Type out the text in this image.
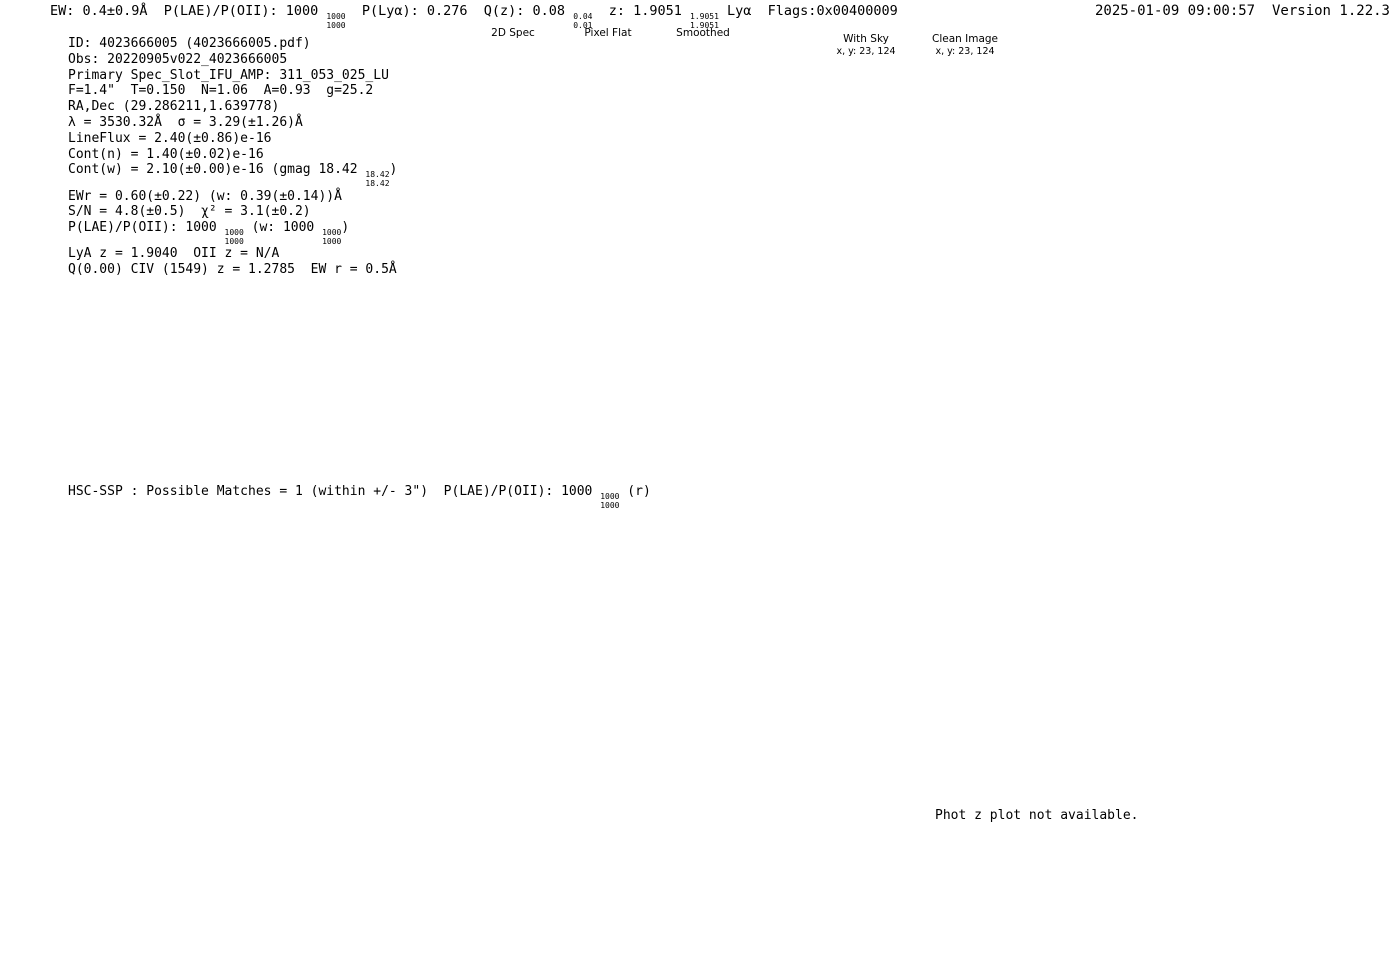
EW: 0.4±0.9Å  P(LAE)/P(OII): 1000 1000
1000
P(Lyα): 0.276  Q(z): 0.08 0.04
0.01
z: 1.9051 1.9051
1.9051
Lyα  Flags:0x00400009	2025-01-09 09:00:57 Version 1.22.3
ID: 4023666005 (4023666005.pdf)
Obs: 20220905v022_4023666005
Primary Spec_Slot_IFU_AMP: 311_053_025_LU
F=1.4"  T=0.150  N=1.06  A=0.93  g=25.2
RA,Dec (29.286211,1.639778)
λ = 3530.32Å  σ = 3.29(±1.26)Å
LineFlux = 2.40(±0.86)e-16
Cont(n) = 1.40(±0.02)e-16
Cont(w) = 2.10(±0.00)e-16 (gmag 18.42 18.42
18.42
)
EWr = 0.60(±0.22) (w: 0.39(±0.14))Å
S/N = 4.8(±0.5)  χ² = 3.1(±0.2)
P(LAE)/P(OII): 1000 1000
1000
(w: 1000 1000
1000
)
LyA z = 1.9040  OII z = N/A
Q(0.00) CIV (1549) z = 1.2785  EW r = 0.5Å
2D Spec	Pixel Flat	Smoothed	With Sky
x, y: 23, 124
Clean Image
x, y: 23, 124
HSC-SSP : Possible Matches = 1 (within +/- 3")  P(LAE)/P(OII): 1000 1000
1000
(r)
Phot z plot not available.
